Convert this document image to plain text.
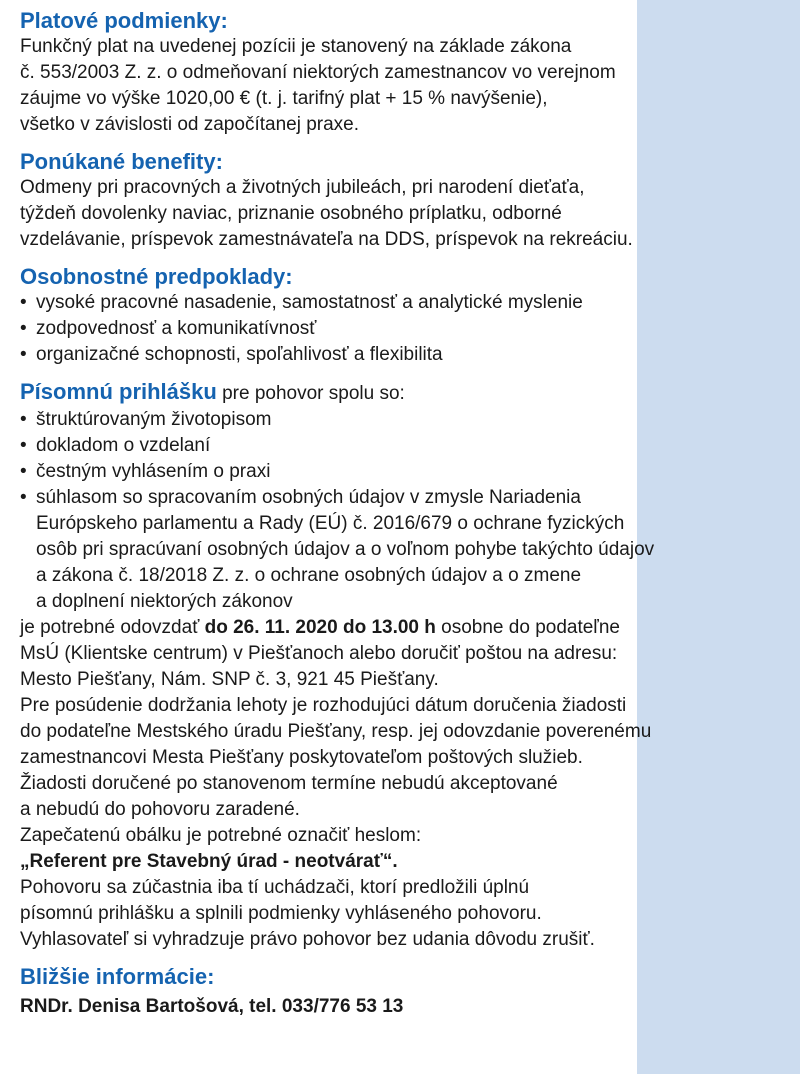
Platové podmienky:

Funkčný plat na uvedenej pozícii je stanovený na základe zákona

č. 553/2003 Z. z. o odmeňovaní niektorých zamestnancov vo verejnom

záujme vo výške 1020,00 € (t. j. tarifný plat + 15 % navýšenie),

všetko v závislosti od započítanej praxe.

Ponúkané benefity:

Odmeny pri pracovných a životných jubileách, pri narodení dieťaťa,

týždeň dovolenky naviac, priznanie osobného príplatku, odborné

vzdelávanie, príspevok zamestnávateľa na DDS, príspevok na rekreáciu.

Osobnostné predpoklady:
• vysoké pracovné nasadenie, samostatnosť a analytické myslenie
• zodpovednosť a komunikatívnosť
• organizačné schopnosti, spoľahlivosť a flexibilita

Písomnú prihlášku pre pohovor spolu so:

• štruktúrovaným životopisom
• dokladom o vzdelaní
• čestným vyhlásením o praxi
• súhlasom so spracovaním osobných údajov v zmysle Nariadenia
Európskeho parlamentu a Rady (EÚ) č. 2016/679 o ochrane fyzických
osôb pri spracúvaní osobných údajov a o voľnom pohybe takýchto údajov
a zákona č. 18/2018 Z. z. o ochrane osobných údajov a o zmene
a doplnení niektorých zákonov

je potrebné odovzdať do 26. 11. 2020 do 13.00 h osobne do podateľne

MsÚ (Klientske centrum) v Piešťanoch alebo doručiť poštou na adresu:

Mesto Piešťany, Nám. SNP č. 3, 921 45 Piešťany.

Pre posúdenie dodržania lehoty je rozhodujúci dátum doručenia žiadosti

do podateľne Mestského úradu Piešťany, resp. jej odovzdanie poverenému

zamestnancovi Mesta Piešťany poskytovateľom poštových služieb.

Žiadosti doručené po stanovenom termíne nebudú akceptované

a nebudú do pohovoru zaradené.

Zapečatenú obálku je potrebné označiť heslom:

„Referent pre Stavebný úrad - neotvárať“.

Pohovoru sa zúčastnia iba tí uchádzači, ktorí predložili úplnú

písomnú prihlášku a splnili podmienky vyhláseného pohovoru.

Vyhlasovateľ si vyhradzuje právo pohovor bez udania dôvodu zrušiť.

Bližšie informácie:

RNDr. Denisa Bartošová, tel. 033/776 53 13
